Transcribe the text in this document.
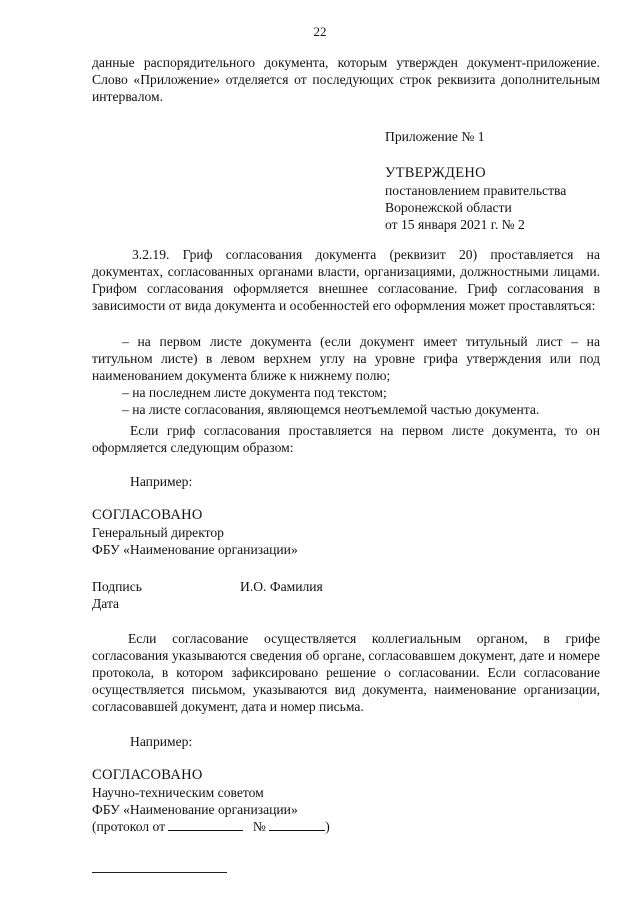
22
данные распорядительного документа, которым утвержден документ-приложение. Слово «Приложение» отделяется от последующих строк реквизита дополнительным интервалом.
Приложение № 1
УТВЕРЖДЕНО
постановлением правительства
Воронежской области
от 15 января 2021 г. № 2
3.2.19. Гриф согласования документа (реквизит 20) проставляется на документах, согласованных органами власти, организациями, должностными лицами. Грифом согласования оформляется внешнее согласование. Гриф согласования в зависимости от вида документа и особенностей его оформления может проставляться:
– на первом листе документа (если документ имеет титульный лист – на титульном листе) в левом верхнем углу на уровне грифа утверждения или под наименованием документа ближе к нижнему полю;
– на последнем листе документа под текстом;
– на листе согласования, являющемся неотъемлемой частью документа.
Если гриф согласования проставляется на первом листе документа, то он оформляется следующим образом:
Например:
СОГЛАСОВАНО
Генеральный директор
ФБУ «Наименование организации»
Подпись	И.О. Фамилия
Дата
Если согласование осуществляется коллегиальным органом, в грифе согласования указываются сведения об органе, согласовавшем документ, дате и номере протокола, в котором зафиксировано решение о согласовании. Если согласование осуществляется письмом, указываются вид документа, наименование организации, согласовавшей документ, дата и номер письма.
Например:
СОГЛАСОВАНО
Научно-техническим советом
ФБУ «Наименование организации»
(протокол от	№	)
